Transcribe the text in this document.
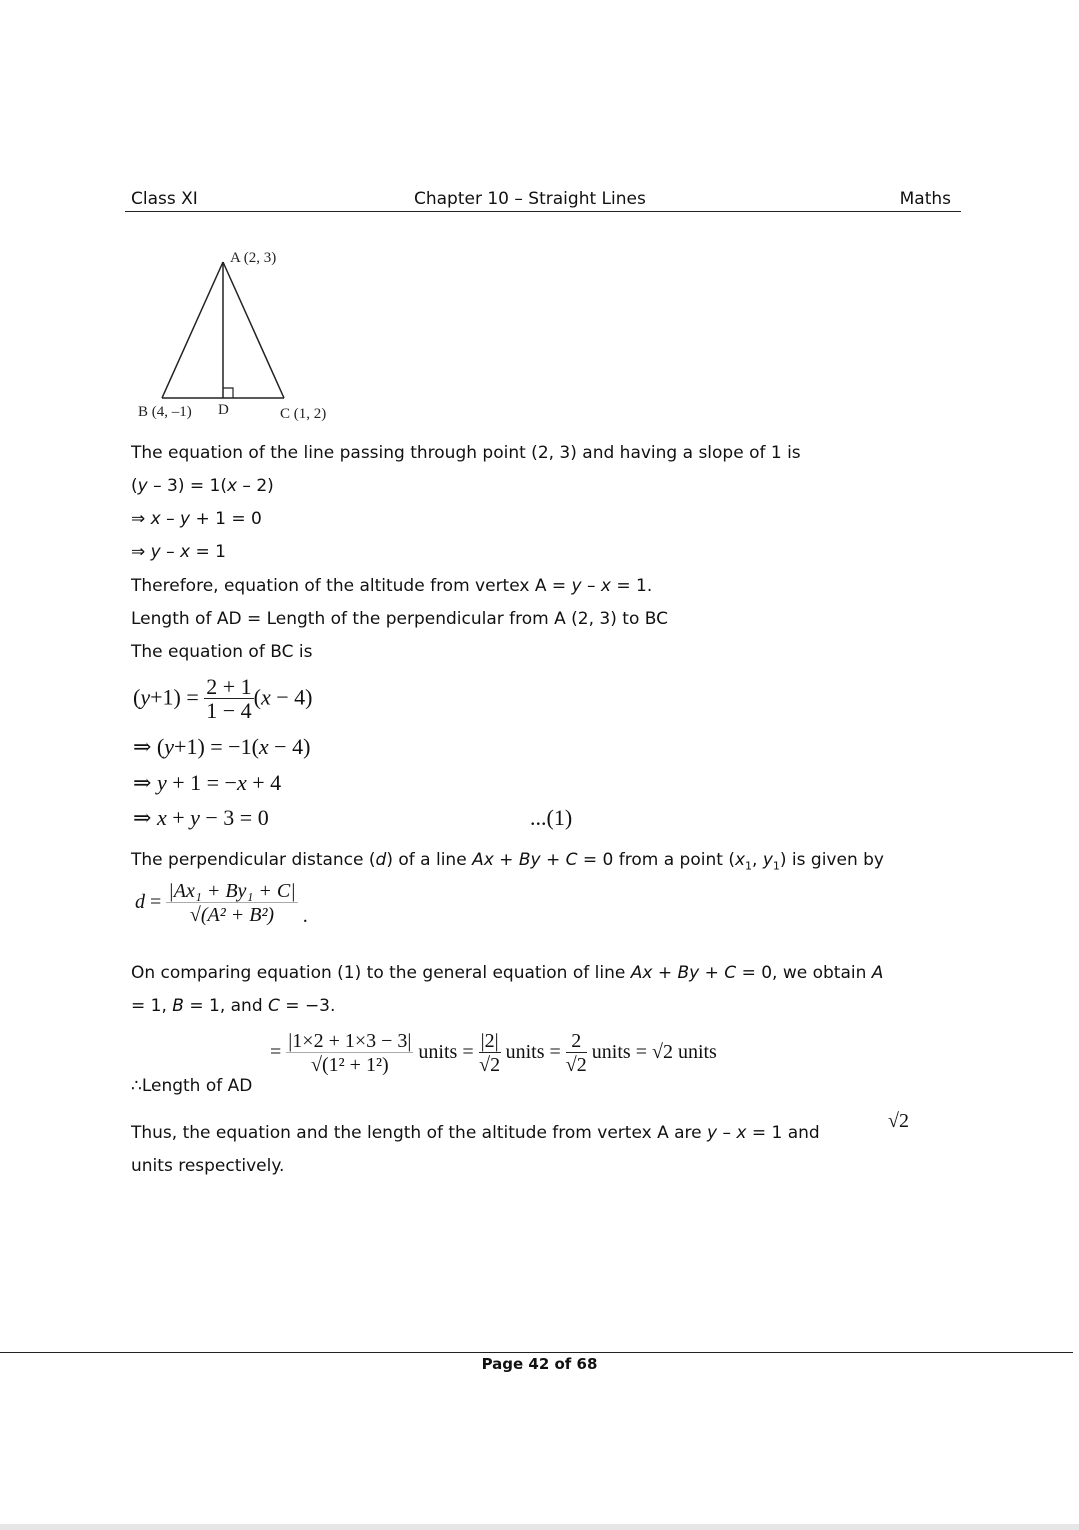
Class XI	Chapter 10 – Straight Lines	Maths
A (2, 3)
B (4, –1) D	C (1, 2)
The equation of the line passing through point (2, 3) and having a slope of 1 is
(y – 3) = 1(x – 2)
⇒ x – y + 1 = 0
⇒ y – x = 1
Therefore, equation of the altitude from vertex A = y – x = 1.
Length of AD = Length of the perpendicular from A (2, 3) to BC
The equation of BC is
$(y+1) = \frac{2 + 1}{1 - 4} (x - 4)$
⇒ (y+1) = −1(x − 4)
⇒ y + 1 = −x + 4
⇒ x + y − 3 = 0	...(1)
The perpendicular distance (d) of a line Ax + By + C = 0 from a point ($x_1$, $y_1$) is given by
$d = \frac{\text{|Ax₁ + By₁ + C|}}{\text{√(A² + B²)}}$ .
On comparing equation (1) to the general equation of line Ax + By + C = 0, we obtain A
= 1, B = 1, and C = −3.
= $\frac{|1\times 2 + 1\times 3 - 3|}{\text{√(1² + 1²)}}$ units = $\frac{|2|}{√2}$ units = $\frac{2}{√2}$ units = √2 units
∴Length of AD
Thus, the equation and the length of the altitude from vertex A are y – x = 1 and
√2
units respectively.
Page 42 of 68
